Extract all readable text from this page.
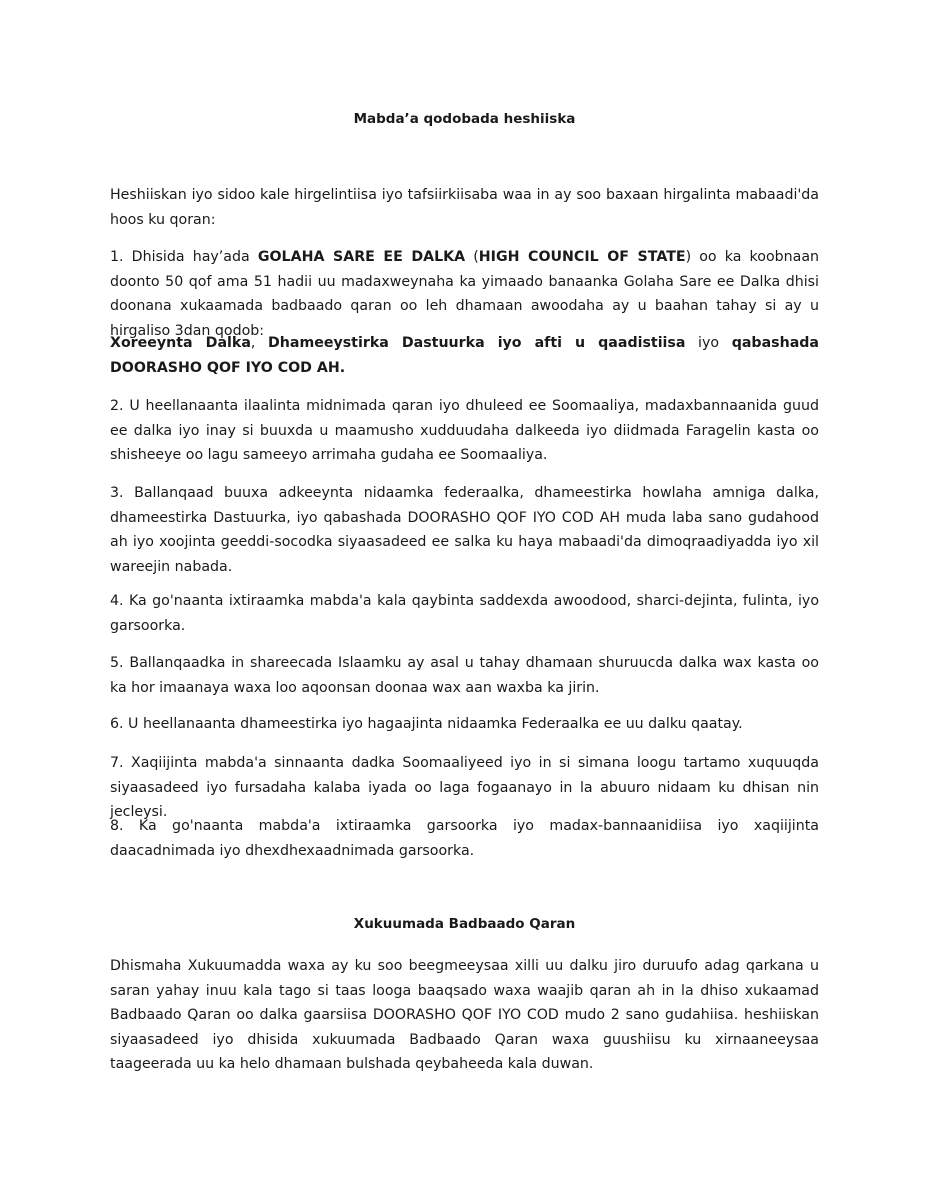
Mabda’a qodobada heshiiska

Heshiiskan iyo sidoo kale hirgelintiisa iyo tafsiirkiisaba waa in ay soo baxaan hirgalinta mabaadi'da hoos ku qoran:

1. Dhisida hay’ada GOLAHA SARE EE DALKA (HIGH COUNCIL OF STATE) oo ka koobnaan doonto 50 qof ama 51 hadii uu madaxweynaha ka yimaado banaanka Golaha Sare ee Dalka dhisi doonana xukaamada badbaado qaran oo leh dhamaan awoodaha ay u baahan tahay si ay u hirgaliso 3dan qodob:

Xoreeynta Dalka, Dhameeystirka Dastuurka iyo afti u qaadistiisa iyo qabashada DOORASHO QOF IYO COD AH.

2. U heellanaanta ilaalinta midnimada qaran iyo dhuleed ee Soomaaliya, madaxbannaanida guud ee dalka iyo inay si buuxda u maamusho xudduudaha dalkeeda iyo diidmada Faragelin kasta oo shisheeye oo lagu sameeyo arrimaha gudaha ee Soomaaliya.

3. Ballanqaad buuxa adkeeynta nidaamka federaalka, dhameestirka howlaha amniga dalka, dhameestirka Dastuurka, iyo qabashada DOORASHO QOF IYO COD AH muda laba sano gudahood ah iyo xoojinta geeddi-socodka siyaasadeed ee salka ku haya mabaadi'da dimoqraadiyadda iyo xil wareejin nabada.

4. Ka go'naanta ixtiraamka mabda'a kala qaybinta saddexda awoodood, sharci-dejinta, fulinta, iyo garsoorka.

5. Ballanqaadka in shareecada Islaamku ay asal u tahay dhamaan shuruucda dalka wax kasta oo ka hor imaanaya waxa loo aqoonsan doonaa wax aan waxba ka jirin.

6. U heellanaanta dhameestirka iyo hagaajinta nidaamka Federaalka ee uu dalku qaatay.

7. Xaqiijinta mabda'a sinnaanta dadka Soomaaliyeed iyo in si simana loogu tartamo xuquuqda siyaasadeed iyo fursadaha kalaba iyada oo laga fogaanayo in la abuuro nidaam ku dhisan nin jecleysi.

8. Ka go'naanta mabda'a ixtiraamka garsoorka iyo madax-bannaanidiisa iyo xaqiijinta daacadnimada iyo dhexdhexaadnimada garsoorka.

Xukuumada Badbaado Qaran

Dhismaha Xukuumadda waxa ay ku soo beegmeeysaa xilli uu dalku jiro duruufo adag qarkana u saran yahay inuu kala tago si taas looga baaqsado waxa waajib qaran ah in la dhiso xukaamad Badbaado Qaran oo dalka gaarsiisa DOORASHO QOF IYO COD mudo 2 sano gudahiisa. heshiiskan siyaasadeed iyo dhisida xukuumada Badbaado Qaran waxa guushiisu ku xirnaaneeysaa taageerada uu ka helo dhamaan bulshada qeybaheeda kala duwan.
